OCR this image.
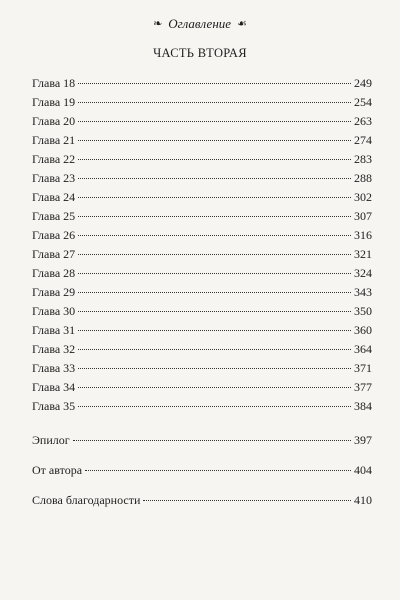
❧ Оглавление ☙
ЧАСТЬ ВТОРАЯ
Глава 18	249
Глава 19	254
Глава 20	263
Глава 21	274
Глава 22	283
Глава 23	288
Глава 24	302
Глава 25	307
Глава 26	316
Глава 27	321
Глава 28	324
Глава 29	343
Глава 30	350
Глава 31	360
Глава 32	364
Глава 33	371
Глава 34	377
Глава 35	384
Эпилог	397
От автора	404
Слова благодарности	410
